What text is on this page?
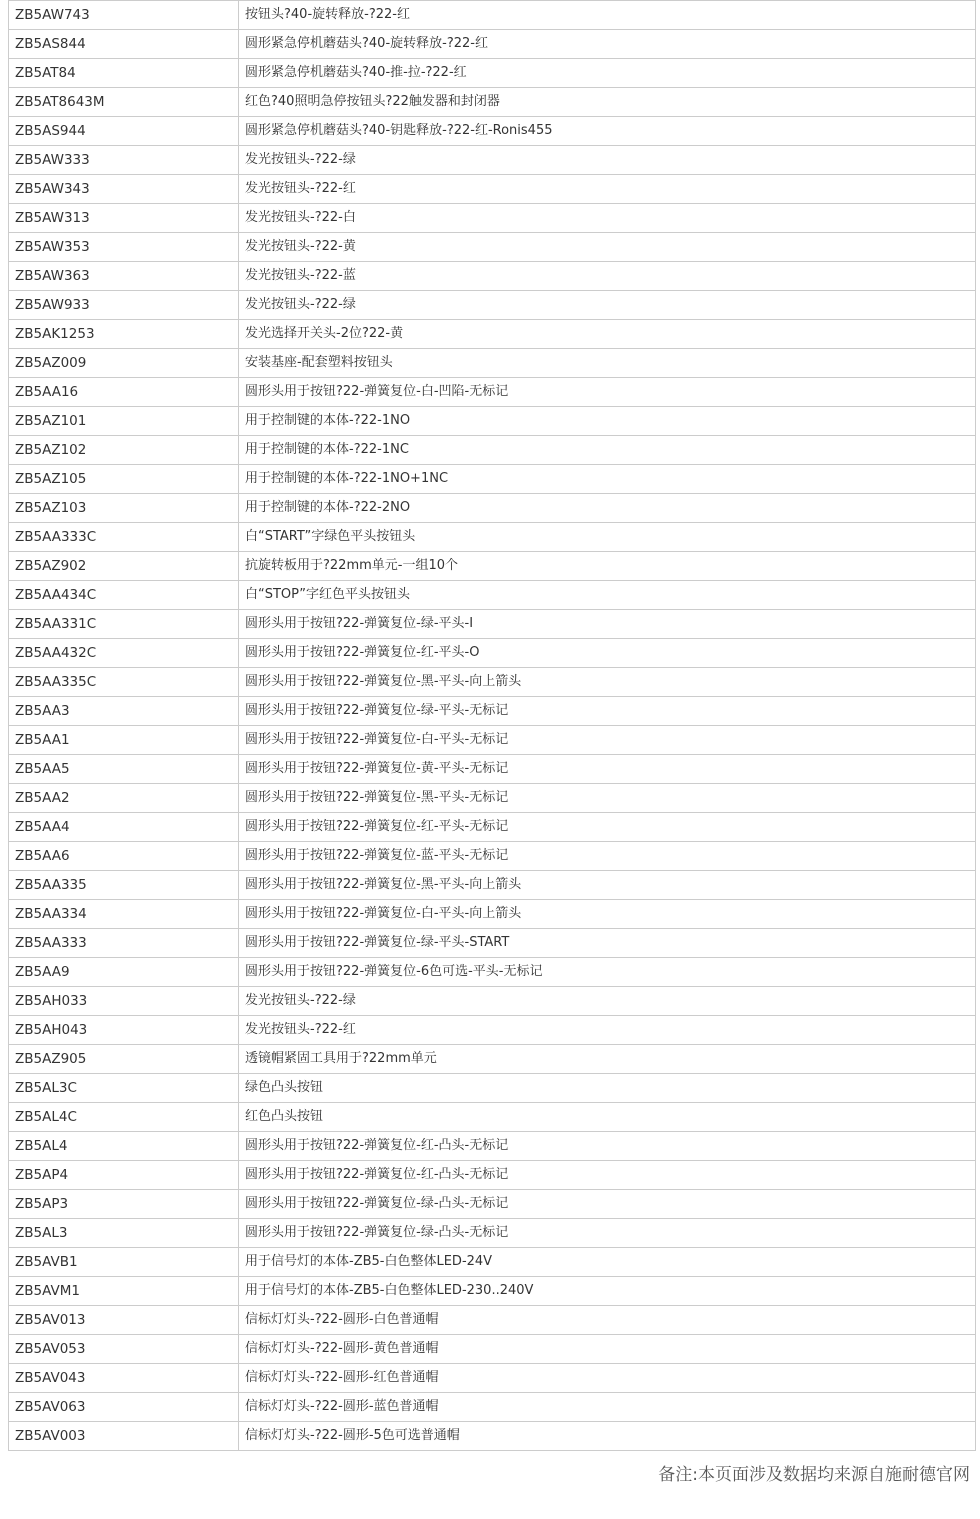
ZB5AW743	按钮头?40-旋转释放-?22-红
ZB5AS844	圆形紧急停机蘑菇头?40-旋转释放-?22-红
ZB5AT84	圆形紧急停机蘑菇头?40-推-拉-?22-红
ZB5AT8643M	红色?40照明急停按钮头?22触发器和封闭器
ZB5AS944	圆形紧急停机蘑菇头?40-钥匙释放-?22-红-Ronis455
ZB5AW333	发光按钮头-?22-绿
ZB5AW343	发光按钮头-?22-红
ZB5AW313	发光按钮头-?22-白
ZB5AW353	发光按钮头-?22-黄
ZB5AW363	发光按钮头-?22-蓝
ZB5AW933	发光按钮头-?22-绿
ZB5AK1253	发光选择开关头-2位?22-黄
ZB5AZ009	安装基座-配套塑料按钮头
ZB5AA16	圆形头用于按钮?22-弹簧复位-白-凹陷-无标记
ZB5AZ101	用于控制键的本体-?22-1NO
ZB5AZ102	用于控制键的本体-?22-1NC
ZB5AZ105	用于控制键的本体-?22-1NO+1NC
ZB5AZ103	用于控制键的本体-?22-2NO
ZB5AA333C	白“START”字绿色平头按钮头
ZB5AZ902	抗旋转板用于?22mm单元-一组10个
ZB5AA434C	白“STOP”字红色平头按钮头
ZB5AA331C	圆形头用于按钮?22-弹簧复位-绿-平头-I
ZB5AA432C	圆形头用于按钮?22-弹簧复位-红-平头-O
ZB5AA335C	圆形头用于按钮?22-弹簧复位-黑-平头-向上箭头
ZB5AA3	圆形头用于按钮?22-弹簧复位-绿-平头-无标记
ZB5AA1	圆形头用于按钮?22-弹簧复位-白-平头-无标记
ZB5AA5	圆形头用于按钮?22-弹簧复位-黄-平头-无标记
ZB5AA2	圆形头用于按钮?22-弹簧复位-黑-平头-无标记
ZB5AA4	圆形头用于按钮?22-弹簧复位-红-平头-无标记
ZB5AA6	圆形头用于按钮?22-弹簧复位-蓝-平头-无标记
ZB5AA335	圆形头用于按钮?22-弹簧复位-黑-平头-向上箭头
ZB5AA334	圆形头用于按钮?22-弹簧复位-白-平头-向上箭头
ZB5AA333	圆形头用于按钮?22-弹簧复位-绿-平头-START
ZB5AA9	圆形头用于按钮?22-弹簧复位-6色可选-平头-无标记
ZB5AH033	发光按钮头-?22-绿
ZB5AH043	发光按钮头-?22-红
ZB5AZ905	透镜帽紧固工具用于?22mm单元
ZB5AL3C	绿色凸头按钮
ZB5AL4C	红色凸头按钮
ZB5AL4	圆形头用于按钮?22-弹簧复位-红-凸头-无标记
ZB5AP4	圆形头用于按钮?22-弹簧复位-红-凸头-无标记
ZB5AP3	圆形头用于按钮?22-弹簧复位-绿-凸头-无标记
ZB5AL3	圆形头用于按钮?22-弹簧复位-绿-凸头-无标记
ZB5AVB1	用于信号灯的本体-ZB5-白色整体LED-24V
ZB5AVM1	用于信号灯的本体-ZB5-白色整体LED-230..240V
ZB5AV013	信标灯灯头-?22-圆形-白色普通帽
ZB5AV053	信标灯灯头-?22-圆形-黄色普通帽
ZB5AV043	信标灯灯头-?22-圆形-红色普通帽
ZB5AV063	信标灯灯头-?22-圆形-蓝色普通帽
ZB5AV003	信标灯灯头-?22-圆形-5色可选普通帽
备注:本页面涉及数据均来源自施耐德官网
